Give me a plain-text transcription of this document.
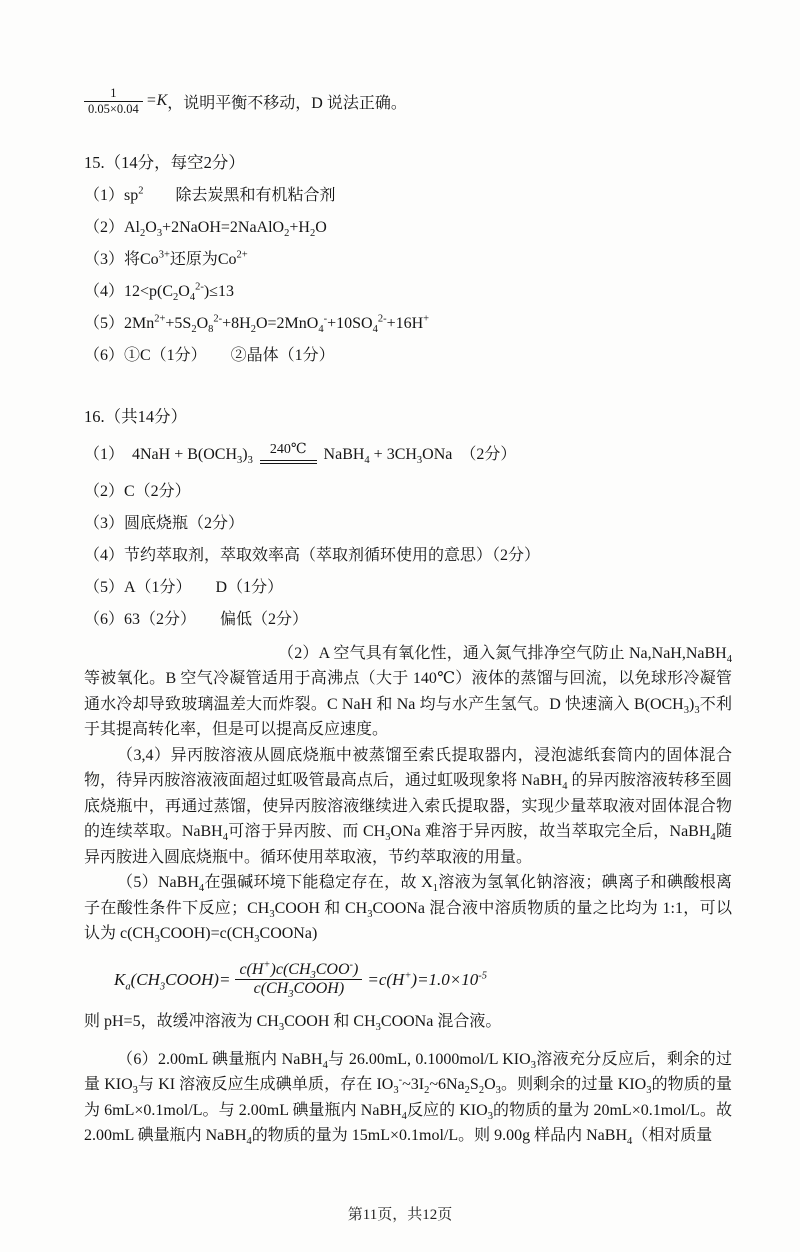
$\frac{1}{0.05\times 0.04} =K$ ，说明平衡不移动，D 说法正确。
15.（14分，每空2分）
$(1)sp^2$　　除去炭黑和有机粘合剂
$(2)Al_2O_3+2NaOH=2NaAlO_2+H_2O$
（3）将$Co^{3+}$还原为$Co^{2+}$
$(4)12<p(C_2O_4^{2-})\le 13$
$(5)2Mn^{2+}+5S_2O_8^{2-}+8H_2O=2MnO_4^-+10SO_4^{2-}+16H^+$
（6）①C（1分）　　②晶体（1分）
16.（共14分）
（1）　$4NaH + B(OCH_3)_3$ 240℃ NaBH$_4$ + $3CH_3ONa$　（2分）
（2）C（2分）
（3）圆底烧瓶（2分）
（4）节约萃取剂，萃取效率高（萃取剂循环使用的意思）（2分）
（5）A（1分）　　D（1分）
（6）63（2分）　　偏低（2分）
（2）A 空气具有氧化性，通入氮气排净空气防止 Na,NaH,NaBH$_4$ 等被氧化。B 空气冷凝管适用于高沸点（大于 140℃）液体的蒸馏与回流，以免球形冷凝管通水冷却导致玻璃温差大而炸裂。C NaH 和 Na 均与水产生氢气。D 快速滴入 $B(OCH_3)_3$不利于其提高转化率，但是可以提高反应速度。
（3,4）异丙胺溶液从圆底烧瓶中被蒸馏至索氏提取器内，浸泡滤纸套筒内的固体混合物，待异丙胺溶液液面超过虹吸管最高点后，通过虹吸现象将 NaBH$_4$ 的异丙胺溶液转移至圆底烧瓶中，再通过蒸馏，使异丙胺溶液继续进入索氏提取器，实现少量萃取液对固体混合物的连续萃取。NaBH$_4$可溶于异丙胺、而 $CH_3ONa$ 难溶于异丙胺，故当萃取完全后，NaBH$_4$随异丙胺进入圆底烧瓶中。循环使用萃取液，节约萃取液的用量。
（5）NaBH$_4$在强碱环境下能稳定存在，故 $X_1$溶液为氢氧化钠溶液；碘离子和碘酸根离子在酸性条件下反应；$CH_3COOH$ 和 $CH_3COONa$ 混合液中溶质物质的量之比均为 1:1，可以认为 $c(CH_3COOH)=c(CH_3COONa)$
$K_a(CH_3COOH)= \frac{c(H^+)c(CH_3COO^-)}{c(CH_3COOH)} =c(H^+)=1.0\times 10^{-5}$
则 pH=5，故缓冲溶液为 $CH_3COOH$ 和 $CH_3COONa$ 混合液。
（6）2.00mL 碘量瓶内 NaBH$_4$与 26.00mL, 0.1000mol/L $KIO_3$溶液充分反应后，剩余的过量 $KIO_3$与 KI 溶液反应生成碘单质，存在 $IO_3^-\sim 3I_2\sim 6Na_2S_2O_3$。则剩余的过量 $KIO_3$的物质的量为 6mL×0.1mol/L。与 2.00mL 碘量瓶内 NaBH$_4$反应的 $KIO_3$的物质的量为 20mL×0.1mol/L。故 2.00mL 碘量瓶内 NaBH$_4$的物质的量为 15mL×0.1mol/L。则 9.00g 样品内 NaBH$_4$（相对质量
第11页，共12页
